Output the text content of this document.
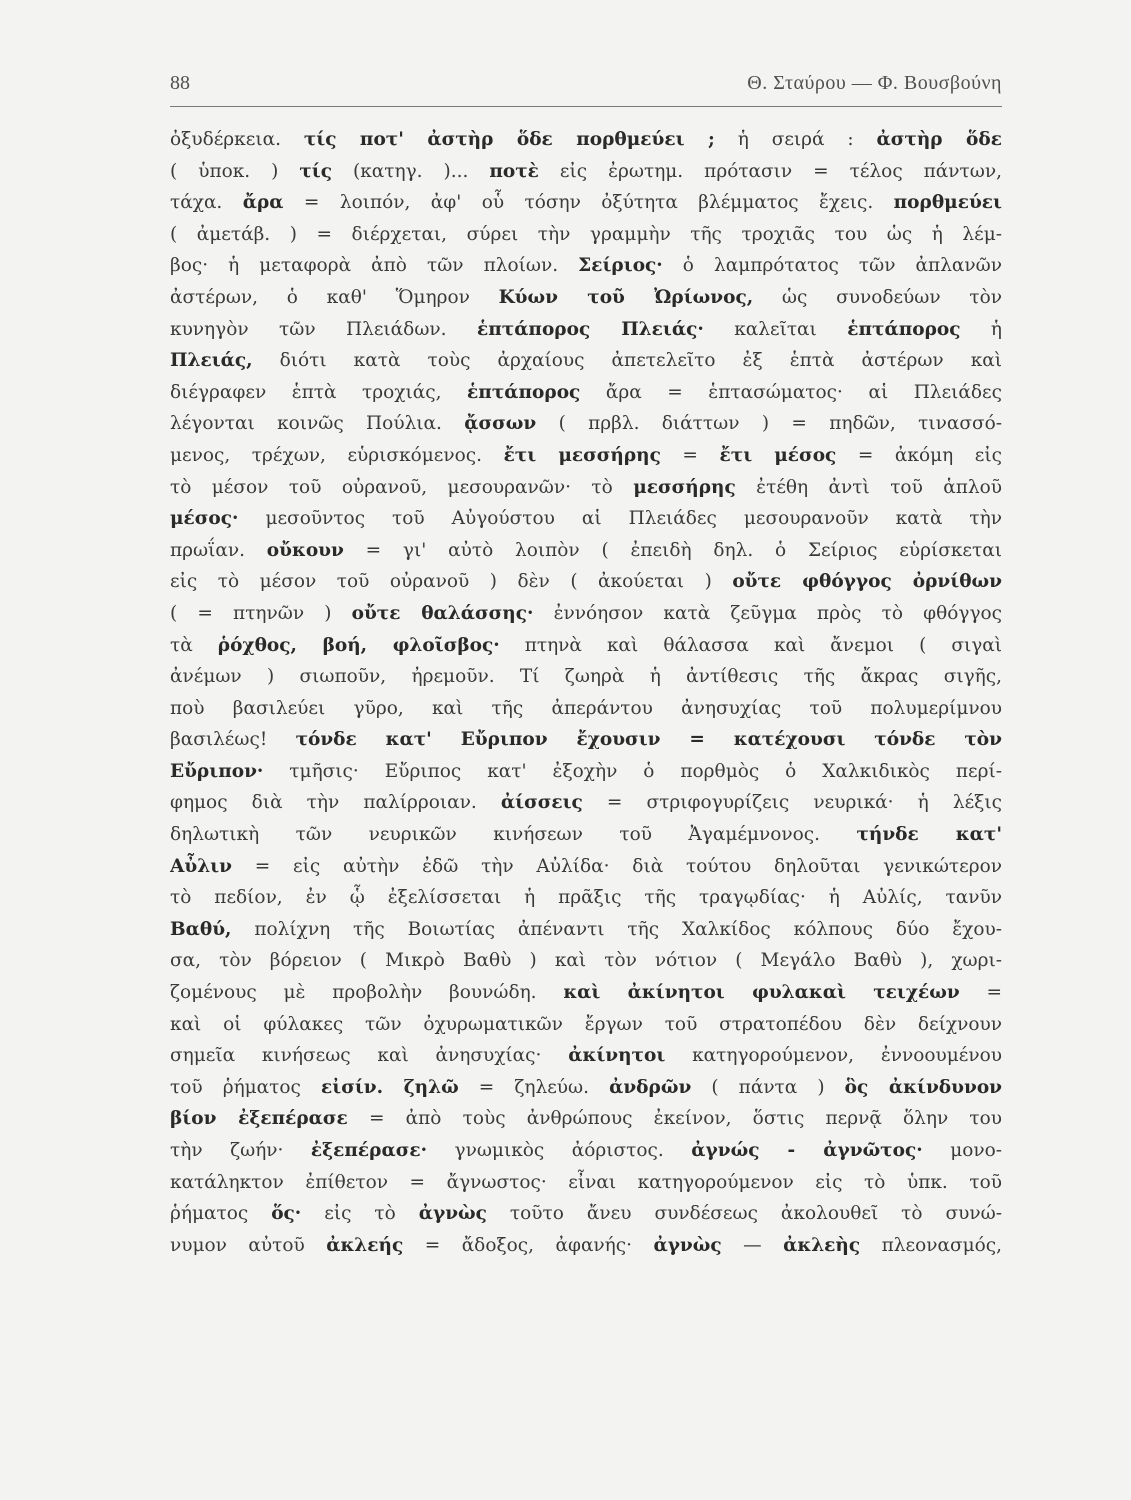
88	Θ. Σταύρου — Φ. Βουσβούνη
ὀξυδέρκεια. τίς ποτ' ἀστὴρ ὅδε πορθμεύει ; ἡ σειρά : ἀστὴρ ὅδε
( ὑποκ. ) τίς (κατηγ. )... ποτὲ εἰς ἐρωτημ. πρότασιν = τέλος πάντων,
τάχα. ἄρα = λοιπόν, ἀφ' οὗ τόσην ὀξύτητα βλέμματος ἔχεις. πορθμεύει
( ἀμετάβ. ) = διέρχεται, σύρει τὴν γραμμὴν τῆς τροχιᾶς του ὡς ἡ λέμ-
βος· ἡ μεταφορὰ ἀπὸ τῶν πλοίων. Σείριος· ὁ λαμπρότατος τῶν ἀπλανῶν
ἀστέρων, ὁ καθ' Ὅμηρον Κύων τοῦ Ὠρίωνος, ὡς συνοδεύων τὸν
κυνηγὸν τῶν Πλειάδων. ἑπτάπορος Πλειάς· καλεῖται ἑπτάπορος ἡ
Πλειάς, διότι κατὰ τοὺς ἀρχαίους ἀπετελεῖτο ἐξ ἑπτὰ ἀστέρων καὶ
διέγραφεν ἑπτὰ τροχιάς, ἑπτάπορος ἄρα = ἑπτασώματος· αἱ Πλειάδες
λέγονται κοινῶς Πούλια. ᾄσσων ( πρβλ. διάττων ) = πηδῶν, τινασσό-
μενος, τρέχων, εὑρισκόμενος. ἔτι μεσσήρης = ἔτι μέσος = ἀκόμη εἰς
τὸ μέσον τοῦ οὐρανοῦ, μεσουρανῶν· τὸ μεσσήρης ἐτέθη ἀντὶ τοῦ ἁπλοῦ
μέσος· μεσοῦντος τοῦ Αὐγούστου αἱ Πλειάδες μεσουρανοῦν κατὰ τὴν
πρωΐαν. οὔκουν = γι' αὐτὸ λοιπὸν ( ἐπειδὴ δηλ. ὁ Σείριος εὑρίσκεται
εἰς τὸ μέσον τοῦ οὐρανοῦ ) δὲν ( ἀκούεται ) οὔτε φθόγγος ὀρνίθων
( = πτηνῶν ) οὔτε θαλάσσης· ἐννόησον κατὰ ζεῦγμα πρὸς τὸ φθόγγος
τὰ ῥόχθος, βοή, φλοῖσβος· πτηνὰ καὶ θάλασσα καὶ ἄνεμοι ( σιγαὶ
ἀνέμων ) σιωποῦν, ἠρεμοῦν. Τί ζωηρὰ ἡ ἀντίθεσις τῆς ἄκρας σιγῆς,
ποὺ βασιλεύει γῦρο, καὶ τῆς ἀπεράντου ἀνησυχίας τοῦ πολυμερίμνου
βασιλέως! τόνδε κατ' Εὔριπον ἔχουσιν = κατέχουσι τόνδε τὸν
Εὔριπον· τμῆσις· Εὔριπος κατ' ἐξοχὴν ὁ πορθμὸς ὁ Χαλκιδικὸς περί-
φημος διὰ τὴν παλίρροιαν. ἀίσσεις = στριφογυρίζεις νευρικά· ἡ λέξις
δηλωτικὴ τῶν νευρικῶν κινήσεων τοῦ Ἀγαμέμνονος. τήνδε κατ'
Αὖλιν = εἰς αὐτὴν ἐδῶ τὴν Αὐλίδα· διὰ τούτου δηλοῦται γενικώτερον
τὸ πεδίον, ἐν ᾧ ἐξελίσσεται ἡ πρᾶξις τῆς τραγῳδίας· ἡ Αὐλίς, τανῦν
Βαθύ, πολίχνη τῆς Βοιωτίας ἀπέναντι τῆς Χαλκίδος κόλπους δύο ἔχου-
σα, τὸν βόρειον ( Μικρὸ Βαθὺ ) καὶ τὸν νότιον ( Μεγάλο Βαθὺ ), χωρι-
ζομένους μὲ προβολὴν βουνώδη. καὶ ἀκίνητοι φυλακαὶ τειχέων =
καὶ οἱ φύλακες τῶν ὀχυρωματικῶν ἔργων τοῦ στρατοπέδου δὲν δείχνουν
σημεῖα κινήσεως καὶ ἀνησυχίας· ἀκίνητοι κατηγορούμενον, ἐννοουμένου
τοῦ ῥήματος εἰσίν. ζηλῶ = ζηλεύω. ἀνδρῶν ( πάντα ) ὃς ἀκίνδυνον
βίον ἐξεπέρασε = ἀπὸ τοὺς ἀνθρώπους ἐκείνον, ὅστις περνᾷ ὅλην του
τὴν ζωήν· ἐξεπέρασε· γνωμικὸς ἀόριστος. ἀγνώς - ἀγνῶτος· μονο-
κατάληκτον ἐπίθετον = ἄγνωστος· εἶναι κατηγορούμενον εἰς τὸ ὑπκ. τοῦ
ῥήματος ὅς· εἰς τὸ ἀγνὼς τοῦτο ἄνευ συνδέσεως ἀκολουθεῖ τὸ συνώ-
νυμον αὐτοῦ ἀκλεής = ἄδοξος, ἀφανής· ἀγνὼς — ἀκλεὴς πλεονασμός,
